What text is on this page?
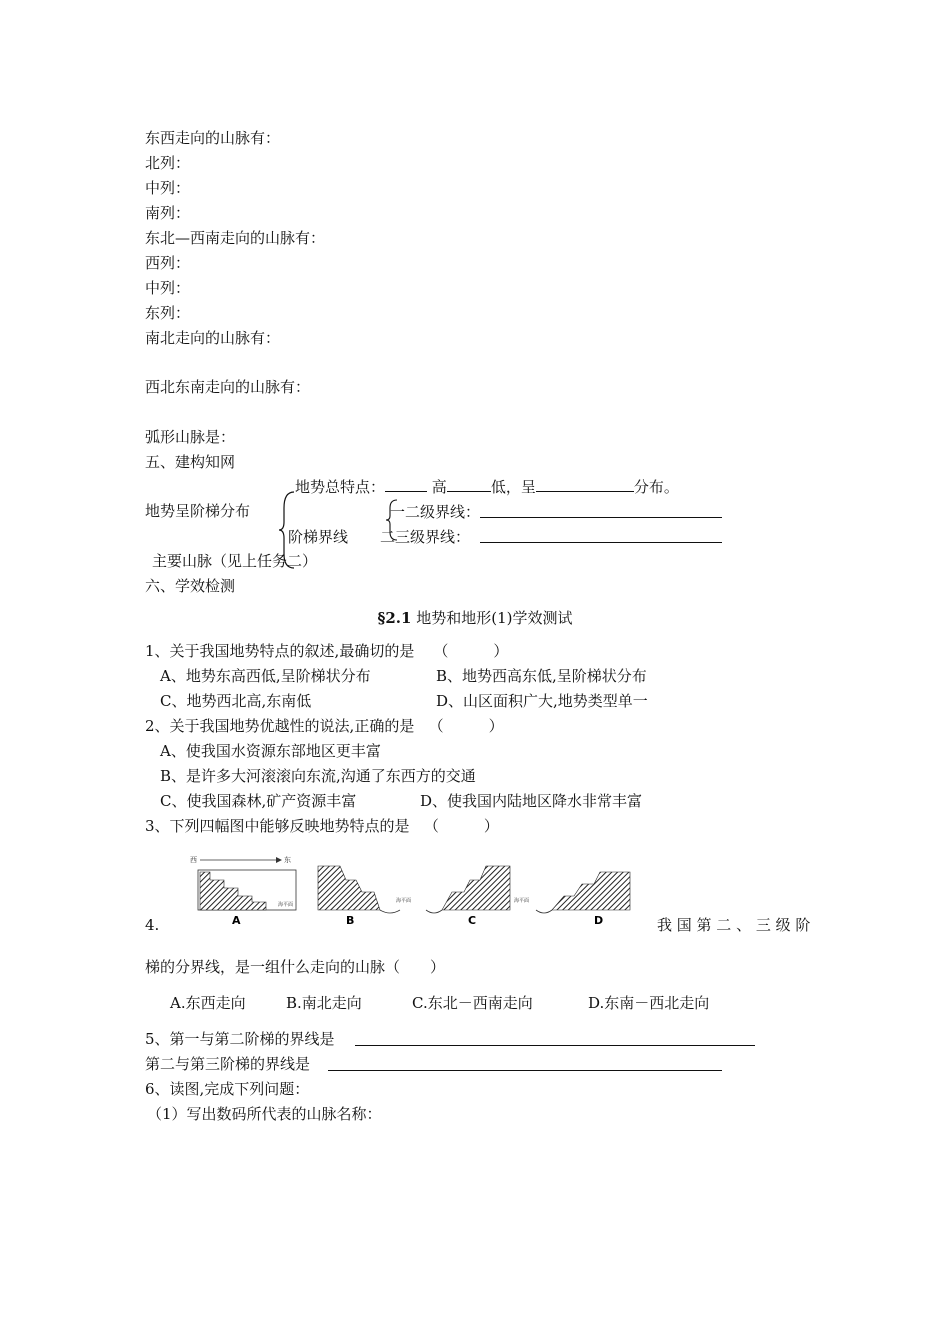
东西走向的山脉有：
北列：
中列：
南列：
东北—西南走向的山脉有：
西列：
中列：
东列：
南北走向的山脉有：
西北东南走向的山脉有：
弧形山脉是：
五、建构知网
地势总特点：	高	低，呈	分布。
地势呈阶梯分布	一二级界线：
阶梯界线 二三级界线：
主要山脉（见上任务二）
六、学效检测
§2.1 地势和地形(1)学效测试
1、关于我国地势特点的叙述,最确切的是 （　　　）
A、地势东高西低,呈阶梯状分布	B、地势西高东低,呈阶梯状分布
C、地势西北高,东南低	D、山区面积广大,地势类型单一
2、关于我国地势优越性的说法,正确的是 （　　　）
A、使我国水资源东部地区更丰富
B、是许多大河滚滚向东流,沟通了东西方的交通
C、使我国森林,矿产资源丰富	D、使我国内陆地区降水非常丰富
3、下列四幅图中能够反映地势特点的是 （　　　）
西	东
海平面
A
海平面
B	C
海平面
D
4.	我 国 第 二 、 三 级 阶
梯的分界线，是一组什么走向的山脉（　　）
A.东西走向	B.南北走向	C.东北－西南走向	D.东南－西北走向
5、第一与第二阶梯的界线是
第二与第三阶梯的界线是
6、读图,完成下列问题：
（1）写出数码所代表的山脉名称：
